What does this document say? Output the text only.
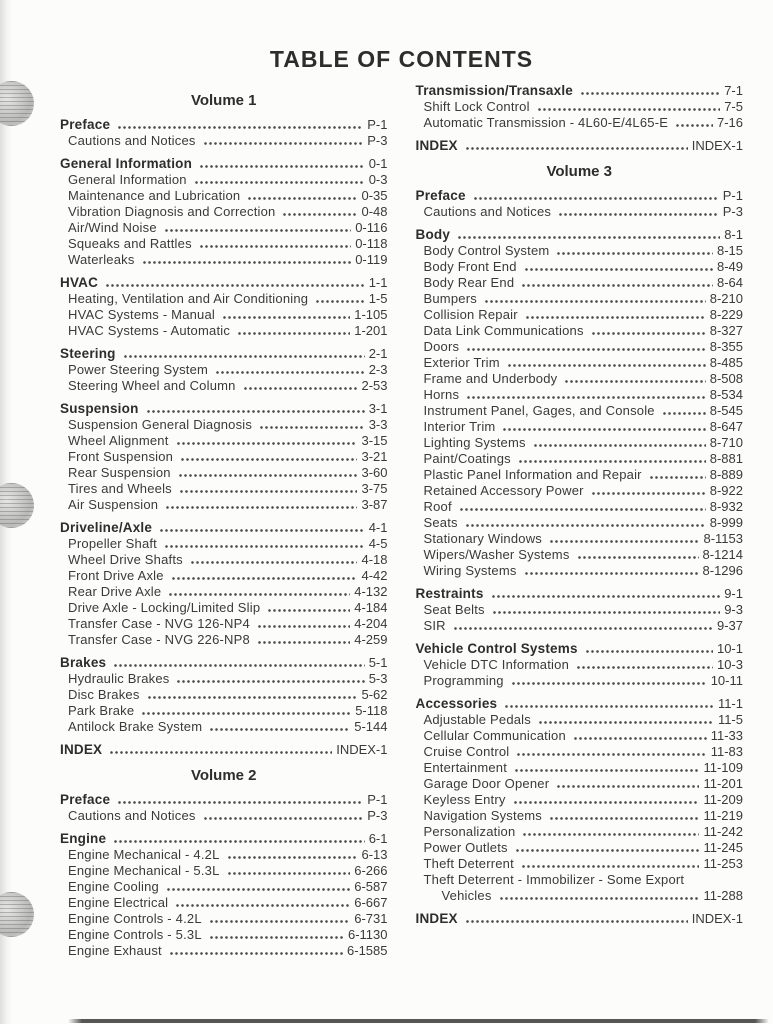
TABLE OF CONTENTS
Volume 1
Preface	P-1
Cautions and Notices	P-3
General Information	0-1
General Information	0-3
Maintenance and Lubrication	0-35
Vibration Diagnosis and Correction	0-48
Air/Wind Noise	0-116
Squeaks and Rattles	0-118
Waterleaks	0-119
HVAC	1-1
Heating, Ventilation and Air Conditioning	1-5
HVAC Systems - Manual	1-105
HVAC Systems - Automatic	1-201
Steering	2-1
Power Steering System	2-3
Steering Wheel and Column	2-53
Suspension	3-1
Suspension General Diagnosis	3-3
Wheel Alignment	3-15
Front Suspension	3-21
Rear Suspension	3-60
Tires and Wheels	3-75
Air Suspension	3-87
Driveline/Axle	4-1
Propeller Shaft	4-5
Wheel Drive Shafts	4-18
Front Drive Axle	4-42
Rear Drive Axle	4-132
Drive Axle - Locking/Limited Slip	4-184
Transfer Case - NVG 126-NP4	4-204
Transfer Case - NVG 226-NP8	4-259
Brakes	5-1
Hydraulic Brakes	5-3
Disc Brakes	5-62
Park Brake	5-118
Antilock Brake System	5-144
INDEX	INDEX-1
Volume 2
Preface	P-1
Cautions and Notices	P-3
Engine	6-1
Engine Mechanical - 4.2L	6-13
Engine Mechanical - 5.3L	6-266
Engine Cooling	6-587
Engine Electrical	6-667
Engine Controls - 4.2L	6-731
Engine Controls - 5.3L	6-1130
Engine Exhaust	6-1585
Transmission/Transaxle	7-1
Shift Lock Control	7-5
Automatic Transmission - 4L60-E/4L65-E	7-16
INDEX	INDEX-1
Volume 3
Preface	P-1
Cautions and Notices	P-3
Body	8-1
Body Control System	8-15
Body Front End	8-49
Body Rear End	8-64
Bumpers	8-210
Collision Repair	8-229
Data Link Communications	8-327
Doors	8-355
Exterior Trim	8-485
Frame and Underbody	8-508
Horns	8-534
Instrument Panel, Gages, and Console	8-545
Interior Trim	8-647
Lighting Systems	8-710
Paint/Coatings	8-881
Plastic Panel Information and Repair	8-889
Retained Accessory Power	8-922
Roof	8-932
Seats	8-999
Stationary Windows	8-1153
Wipers/Washer Systems	8-1214
Wiring Systems	8-1296
Restraints	9-1
Seat Belts	9-3
SIR	9-37
Vehicle Control Systems	10-1
Vehicle DTC Information	10-3
Programming	10-11
Accessories	11-1
Adjustable Pedals	11-5
Cellular Communication	11-33
Cruise Control	11-83
Entertainment	11-109
Garage Door Opener	11-201
Keyless Entry	11-209
Navigation Systems	11-219
Personalization	11-242
Power Outlets	11-245
Theft Deterrent	11-253
Theft Deterrent - Immobilizer - Some Export
Vehicles	11-288
INDEX	INDEX-1
